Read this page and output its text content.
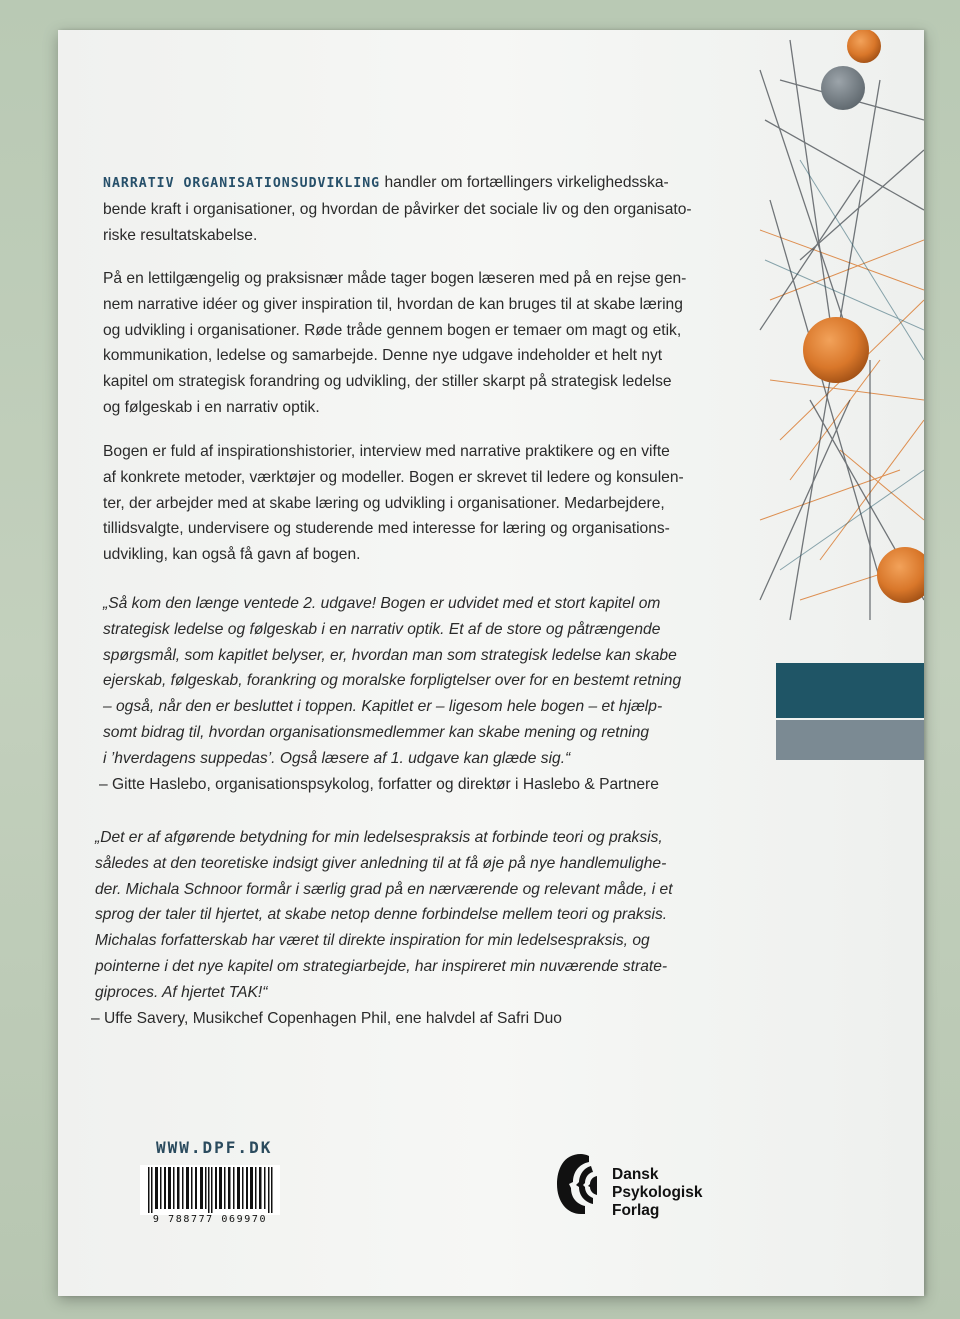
NARRATIV ORGANISATIONSUDVIKLING handler om fortællingers virkelighedsska-
bende kraft i organisationer, og hvordan de påvirker det sociale liv og den organisato-
riske resultatskabelse.

På en lettilgængelig og praksisnær måde tager bogen læseren med på en rejse gen-
nem narrative idéer og giver inspiration til, hvordan de kan bruges til at skabe læring
og udvikling i organisationer. Røde tråde gennem bogen er temaer om magt og etik,
kommunikation, ledelse og samarbejde. Denne nye udgave indeholder et helt nyt
kapitel om strategisk forandring og udvikling, der stiller skarpt på strategisk ledelse
og følgeskab i en narrativ optik.

Bogen er fuld af inspirationshistorier, interview med narrative praktikere og en vifte
af konkrete metoder, værktøjer og modeller. Bogen er skrevet til ledere og konsulen-
ter, der arbejder med at skabe læring og udvikling i organisationer. Medarbejdere,
tillidsvalgte, undervisere og studerende med interesse for læring og organisations-
udvikling, kan også få gavn af bogen.

„Så kom den længe ventede 2. udgave! Bogen er udvidet med et stort kapitel om
strategisk ledelse og følgeskab i en narrativ optik. Et af de store og påtrængende
spørgsmål, som kapitlet belyser, er, hvordan man som strategisk ledelse kan skabe
ejerskab, følgeskab, forankring og moralske forpligtelser over for en bestemt retning
– også, når den er besluttet i toppen. Kapitlet er – ligesom hele bogen – et hjælp-
somt bidrag til, hvordan organisationsmedlemmer kan skabe mening og retning
i ’hverdagens suppedas’. Også læsere af 1. udgave kan glæde sig.“
– Gitte Haslebo, organisationspsykolog, forfatter og direktør i Haslebo & Partnere

„Det er af afgørende betydning for min ledelsespraksis at forbinde teori og praksis,
således at den teoretiske indsigt giver anledning til at få øje på nye handlemulighe-
der. Michala Schnoor formår i særlig grad på en nærværende og relevant måde, i et
sprog der taler til hjertet, at skabe netop denne forbindelse mellem teori og praksis.
Michalas forfatterskab har været til direkte inspiration for min ledelsespraksis, og
pointerne i det nye kapitel om strategiarbejde, har inspireret min nuværende strate-
giproces. Af hjertet TAK!“
– Uffe Savery, Musikchef Copenhagen Phil, ene halvdel af Safri Duo

WWW.DPF.DK
9 788777 069970
Dansk
Psykologisk
Forlag
